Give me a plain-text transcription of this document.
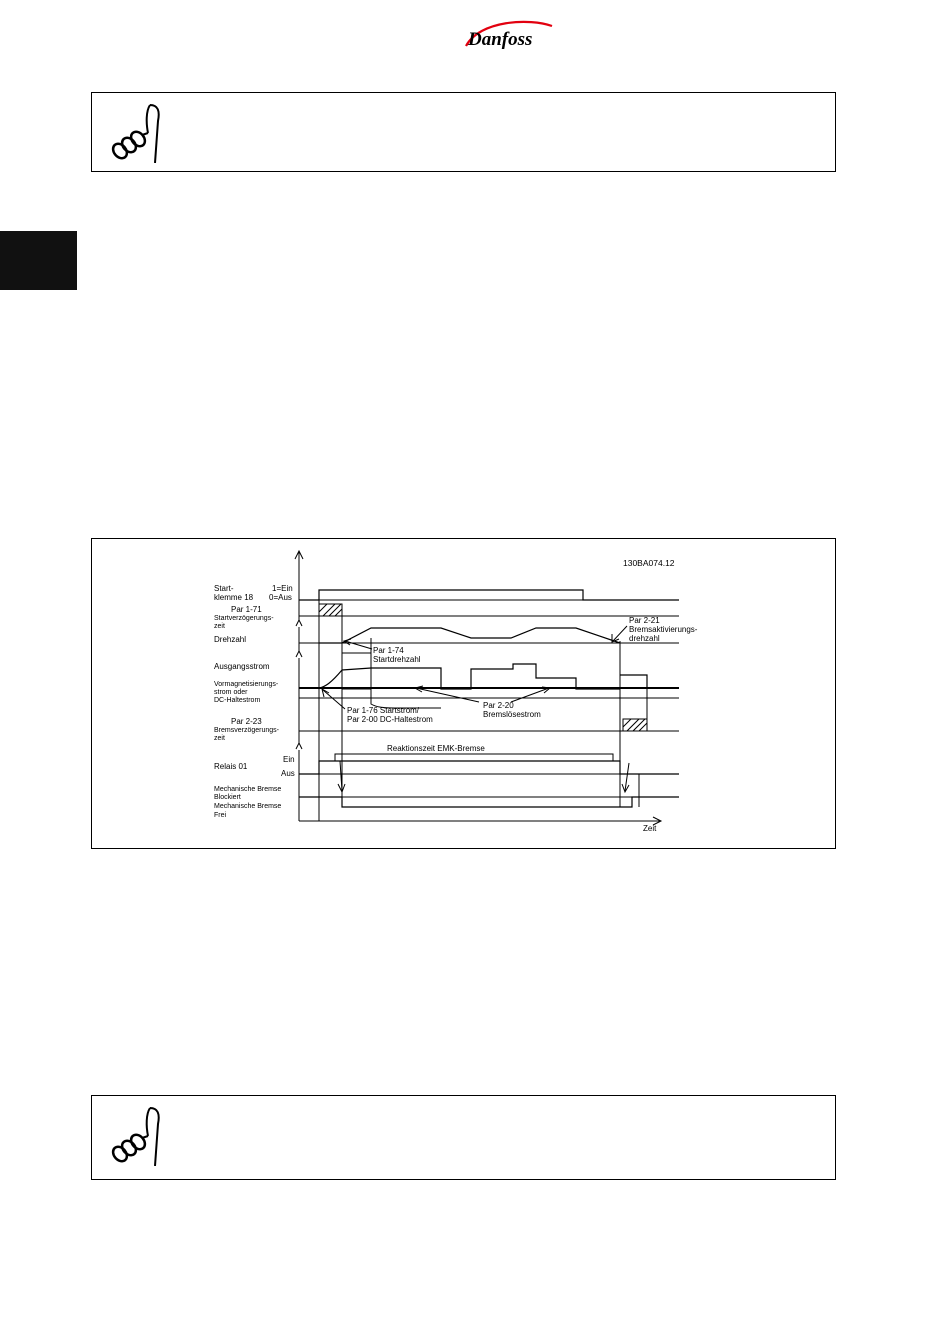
Danfoss
130BA074.12
Start-
klemme 18
1=Ein
0=Aus
Par 1-71
Startverzögerungs-
zeit
Drehzahl
Ausgangsstrom
Vormagnetisierungs-
strom oder
DC-Haltestrom
Par 2-23
Bremsverzögerungs-
zeit
Ein
Relais 01
Aus
Mechanische Bremse
Blockiert
Mechanische Bremse
Frei
Zeit
Par 2-21
Bremsaktivierungs-
drehzahl
Par 1-74
Startdrehzahl
Par 1-76 Startstrom/
Par 2-00 DC-Haltestrom
Par 2-20
Bremslösestrom
Reaktionszeit EMK-Bremse
